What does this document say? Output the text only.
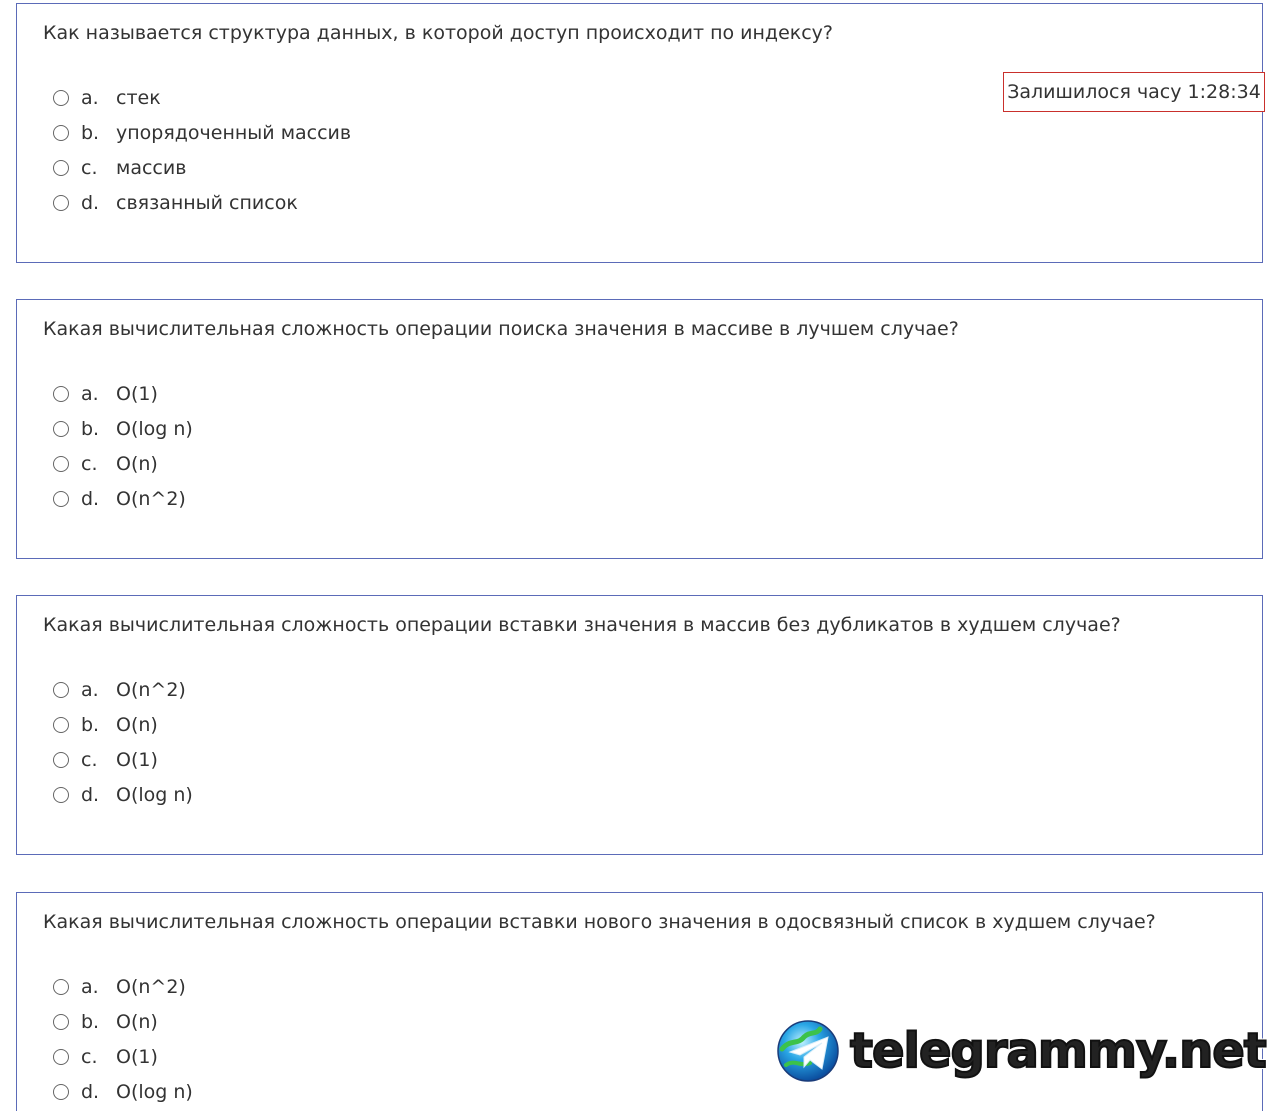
Как называется структура данных, в которой доступ происходит по индексу?
a. стек
b. упорядоченный массив
c. массив
d. связанный список
Какая вычислительная сложность операции поиска значения в массиве в лучшем случае?
a. O(1)
b. O(log n)
c. O(n)
d. O(n^2)
Какая вычислительная сложность операции вставки значения в массив без дубликатов в худшем случае?
a. O(n^2)
b. O(n)
c. O(1)
d. O(log n)
Какая вычислительная сложность операции вставки нового значения в одосвязный список в худшем случае?
a. O(n^2)
b. O(n)
c. O(1)
d. O(log n)
Залишилося часу
1:28:34
telegrammy.net
